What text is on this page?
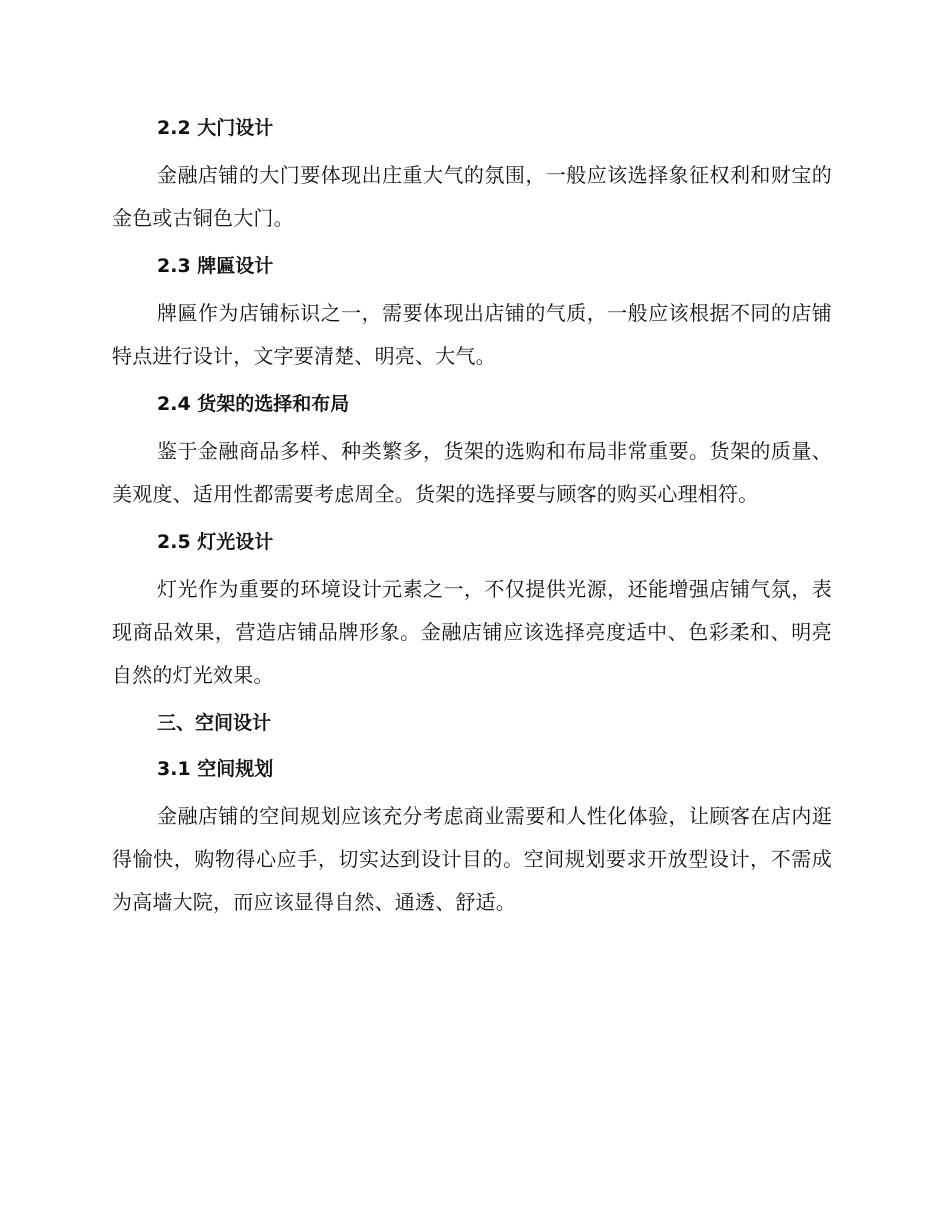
2.2 大门设计

金融店铺的大门要体现出庄重大气的氛围，一般应该选择象征权利和财宝的金色或古铜色大门。

2.3 牌匾设计

牌匾作为店铺标识之一，需要体现出店铺的气质，一般应该根据不同的店铺特点进行设计，文字要清楚、明亮、大气。

2.4 货架的选择和布局

鉴于金融商品多样、种类繁多，货架的选购和布局非常重要。货架的质量、美观度、适用性都需要考虑周全。货架的选择要与顾客的购买心理相符。

2.5 灯光设计

灯光作为重要的环境设计元素之一，不仅提供光源，还能增强店铺气氛，表现商品效果，营造店铺品牌形象。金融店铺应该选择亮度适中、色彩柔和、明亮自然的灯光效果。

三、空间设计
3.1 空间规划

金融店铺的空间规划应该充分考虑商业需要和人性化体验，让顾客在店内逛得愉快，购物得心应手，切实达到设计目的。空间规划要求开放型设计，不需成为高墙大院，而应该显得自然、通透、舒适。
